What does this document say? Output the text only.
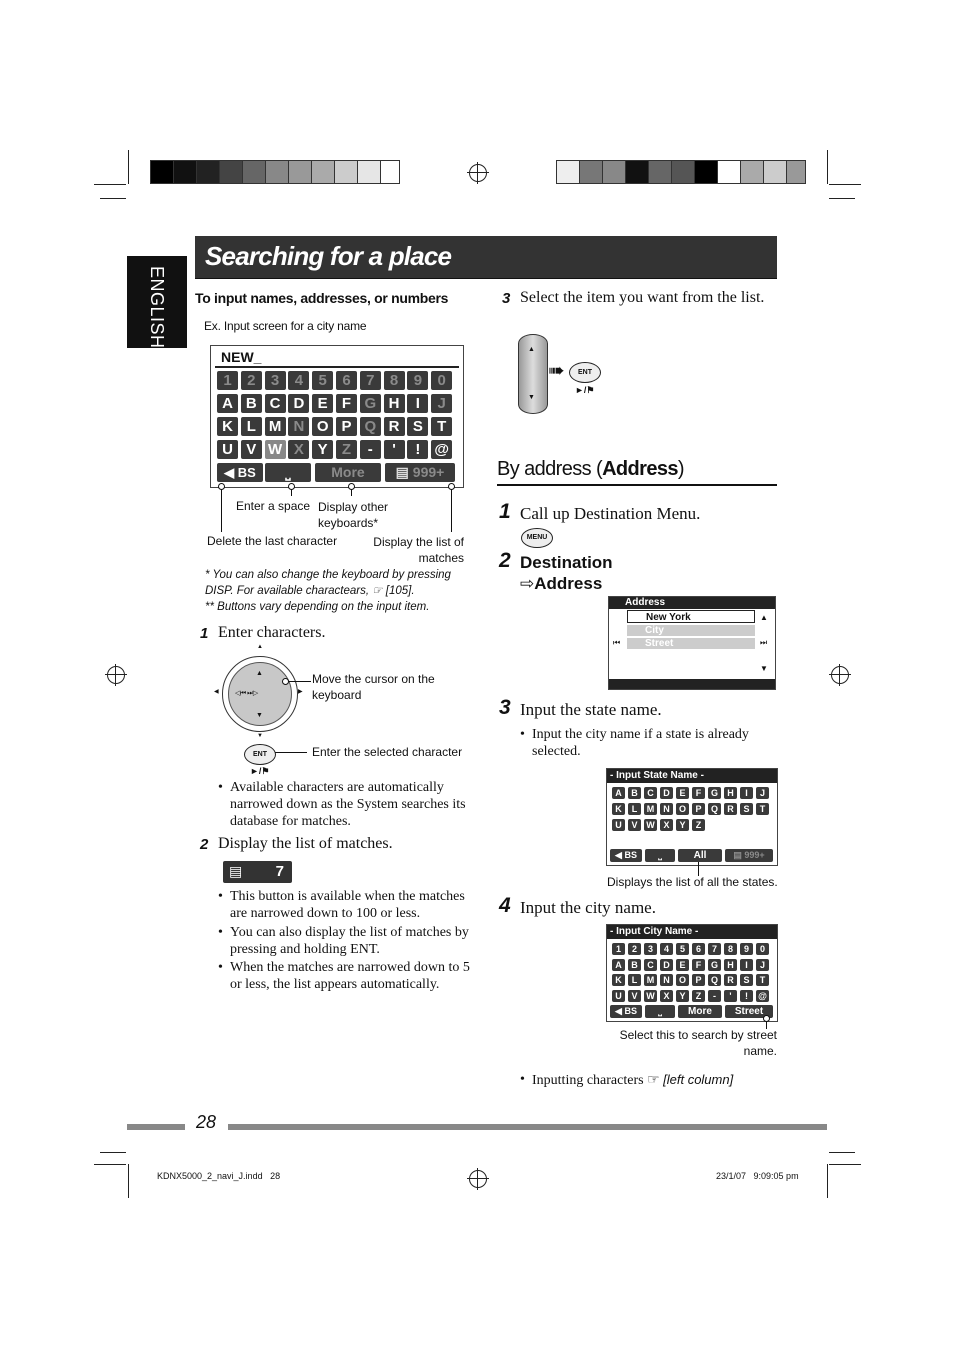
ENGLISH
Searching for a place
To input names, addresses, or numbers
Ex. Input screen for a city name
NEW_
1	2	3	4	5	6	7	8	9	0
A B C D E F G H	I	J
K L M N O P Q R S T
U V W X Y Z	-	'	! @
◀ BS	⎵	More	▤ 999+
Enter a space Display other keyboards*
Delete the last character	Display the list of matches
* You can also change the keyboard by pressing DISP. For available charactears, ☞ [105].
** Buttons vary depending on the input item.
1 Enter characters.
▲
▼
◁⏮ ⏭▷
▲
▼
◀	▶
Move the cursor on the keyboard
ENT	Enter the selected character
►/⚑
• Available characters are automatically narrowed down as the System searches its database for matches.
2 Display the list of matches.
▤ 7
• This button is available when the matches are narrowed down to 100 or less.
• You can also display the list of matches by pressing and holding ENT.
• When the matches are narrowed down to 5 or less, the list appears automatically.
3 Select the item you want from the list.
▲
▼
➠	ENT
►/⚑
By address (Address)
1 Call up Destination Menu.
MENU
2 Destination
⇨Address
Address
New York
City
Street
▲
▼
⏮	⏭
3 Input the state name.
• Input the city name if a state is already selected.
- Input State Name -
A	B	C	D	E	F	G	H	I	J
K	L	M	N	O	P	Q	R	S	T
U	V W X	Y	Z
◀ BS	⎵	All	▤ 999+
Displays the list of all the states.
4 Input the city name.
- Input City Name -
1	2	3	4	5	6	7	8	9	0
A	B	C	D	E	F	G	H	I	J
K	L	M	N	O	P	Q	R	S	T
U	V W X	Y	Z	-	'	!	@
◀ BS	⎵	More	Street
Select this to search by street name.
• Inputting characters ☞ [left column]
28
KDNX5000_2_navi_J.indd   28	23/1/07   9:09:05 pm
